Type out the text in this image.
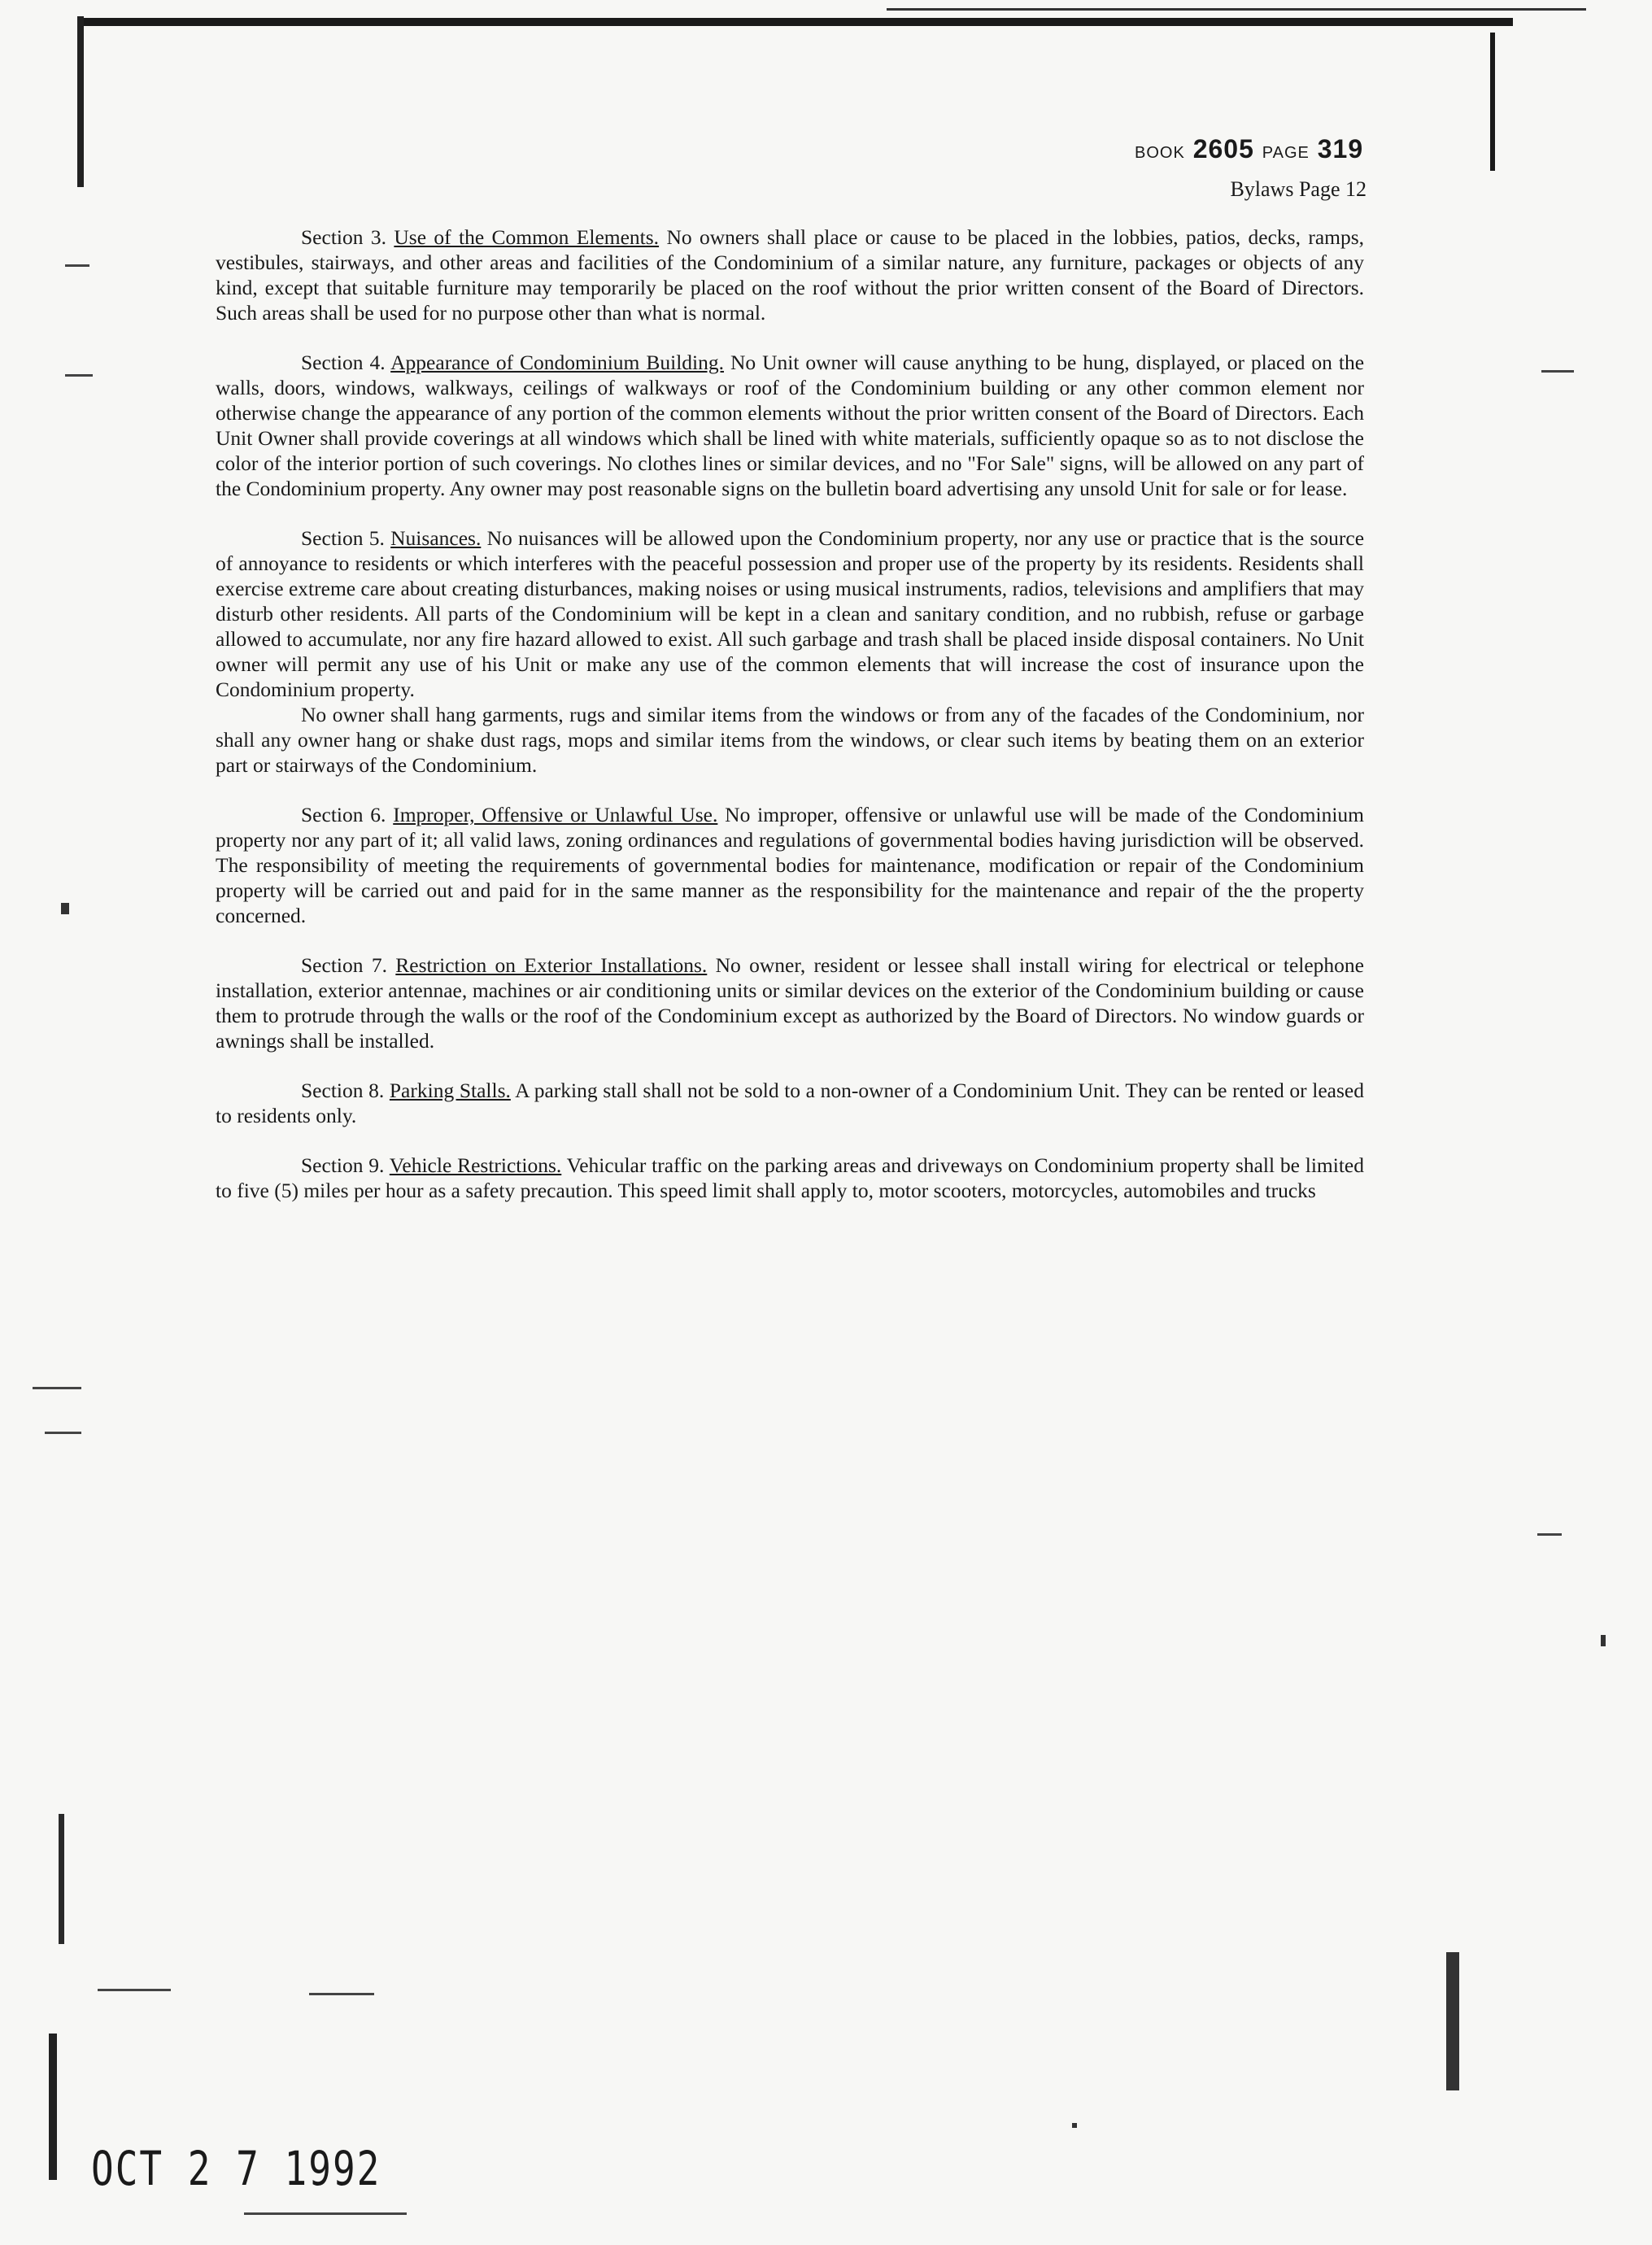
BOOK 2605 PAGE 319
Bylaws Page 12

Section 3. Use of the Common Elements. No owners shall place or cause to be placed in the lobbies, patios, decks, ramps, vestibules, stairways, and other areas and facilities of the Condominium of a similar nature, any furniture, packages or objects of any kind, except that suitable furniture may temporarily be placed on the roof without the prior written consent of the Board of Directors. Such areas shall be used for no purpose other than what is normal.

Section 4. Appearance of Condominium Building. No Unit owner will cause anything to be hung, displayed, or placed on the walls, doors, windows, walkways, ceilings of walkways or roof of the Condominium building or any other common element nor otherwise change the appearance of any portion of the common elements without the prior written consent of the Board of Directors. Each Unit Owner shall provide coverings at all windows which shall be lined with white materials, sufficiently opaque so as to not disclose the color of the interior portion of such coverings. No clothes lines or similar devices, and no "For Sale" signs, will be allowed on any part of the Condominium property. Any owner may post reasonable signs on the bulletin board advertising any unsold Unit for sale or for lease.

Section 5. Nuisances. No nuisances will be allowed upon the Condominium property, nor any use or practice that is the source of annoyance to residents or which interferes with the peaceful possession and proper use of the property by its residents. Residents shall exercise extreme care about creating disturbances, making noises or using musical instruments, radios, televisions and amplifiers that may disturb other residents. All parts of the Condominium will be kept in a clean and sanitary condition, and no rubbish, refuse or garbage allowed to accumulate, nor any fire hazard allowed to exist. All such garbage and trash shall be placed inside disposal containers. No Unit owner will permit any use of his Unit or make any use of the common elements that will increase the cost of insurance upon the Condominium property.

No owner shall hang garments, rugs and similar items from the windows or from any of the facades of the Condominium, nor shall any owner hang or shake dust rags, mops and similar items from the windows, or clear such items by beating them on an exterior part or stairways of the Condominium.

Section 6. Improper, Offensive or Unlawful Use. No improper, offensive or unlawful use will be made of the Condominium property nor any part of it; all valid laws, zoning ordinances and regulations of governmental bodies having jurisdiction will be observed. The responsibility of meeting the requirements of governmental bodies for maintenance, modification or repair of the Condominium property will be carried out and paid for in the same manner as the responsibility for the maintenance and repair of the the property concerned.

Section 7. Restriction on Exterior Installations. No owner, resident or lessee shall install wiring for electrical or telephone installation, exterior antennae, machines or air conditioning units or similar devices on the exterior of the Condominium building or cause them to protrude through the walls or the roof of the Condominium except as authorized by the Board of Directors. No window guards or awnings shall be installed.

Section 8. Parking Stalls. A parking stall shall not be sold to a non-owner of a Condominium Unit. They can be rented or leased to residents only.

Section 9. Vehicle Restrictions. Vehicular traffic on the parking areas and driveways on Condominium property shall be limited to five (5) miles per hour as a safety precaution. This speed limit shall apply to, motor scooters, motorcycles, automobiles and trucks

OCT 2 7 1992
